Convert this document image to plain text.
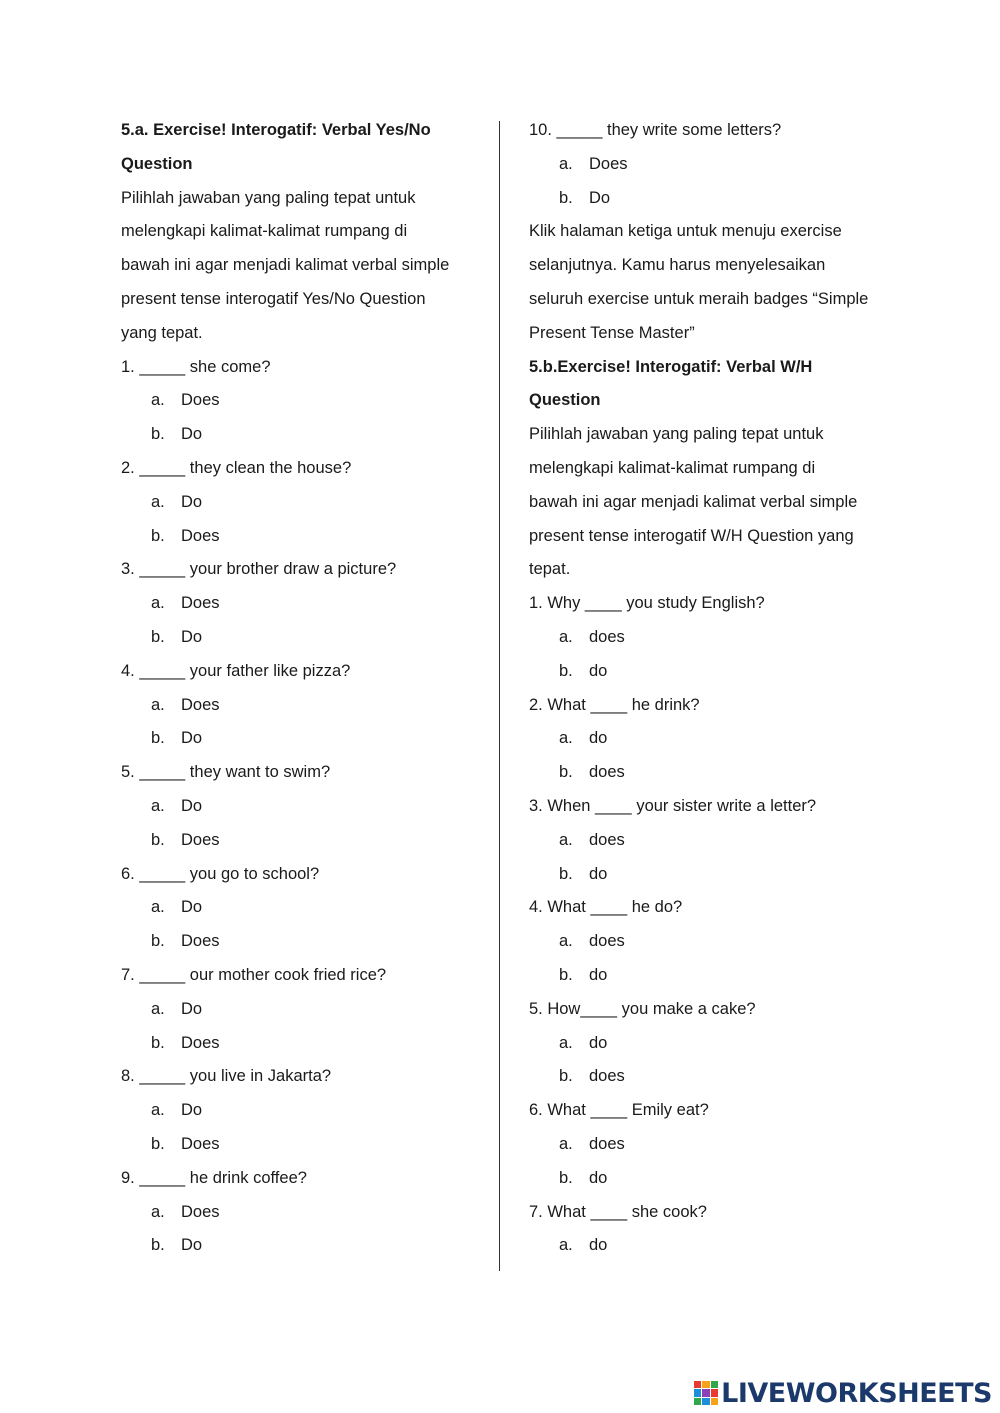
5.a. Exercise! Interogatif: Verbal Yes/No
Question
Pilihlah jawaban yang paling tepat untuk
melengkapi kalimat-kalimat rumpang di
bawah ini agar menjadi kalimat verbal simple
present tense interogatif Yes/No Question
yang tepat.
1. _____ she come?
a. Does
b. Do
2. _____ they clean the house?
a. Do
b. Does
3. _____ your brother draw a picture?
a. Does
b. Do
4. _____ your father like pizza?
a. Does
b. Do
5. _____ they want to swim?
a. Do
b. Does
6. _____ you go to school?
a. Do
b. Does
7. _____ our mother cook fried rice?
a. Do
b. Does
8. _____ you live in Jakarta?
a. Do
b. Does
9. _____ he drink coffee?
a. Does
b. Do
10. _____ they write some letters?
a. Does
b. Do
Klik halaman ketiga untuk menuju exercise
selanjutnya. Kamu harus menyelesaikan
seluruh exercise untuk meraih badges “Simple
Present Tense Master”
5.b.Exercise! Interogatif: Verbal W/H
Question
Pilihlah jawaban yang paling tepat untuk
melengkapi kalimat-kalimat rumpang di
bawah ini agar menjadi kalimat verbal simple
present tense interogatif W/H Question yang
tepat.
1. Why ____ you study English?
a. does
b. do
2. What ____ he drink?
a. do
b. does
3. When ____ your sister write a letter?
a. does
b. do
4. What ____ he do?
a. does
b. do
5. How____ you make a cake?
a. do
b. does
6. What ____ Emily eat?
a. does
b. do
7. What ____ she cook?
a. do
LIVEWORKSHEETS
